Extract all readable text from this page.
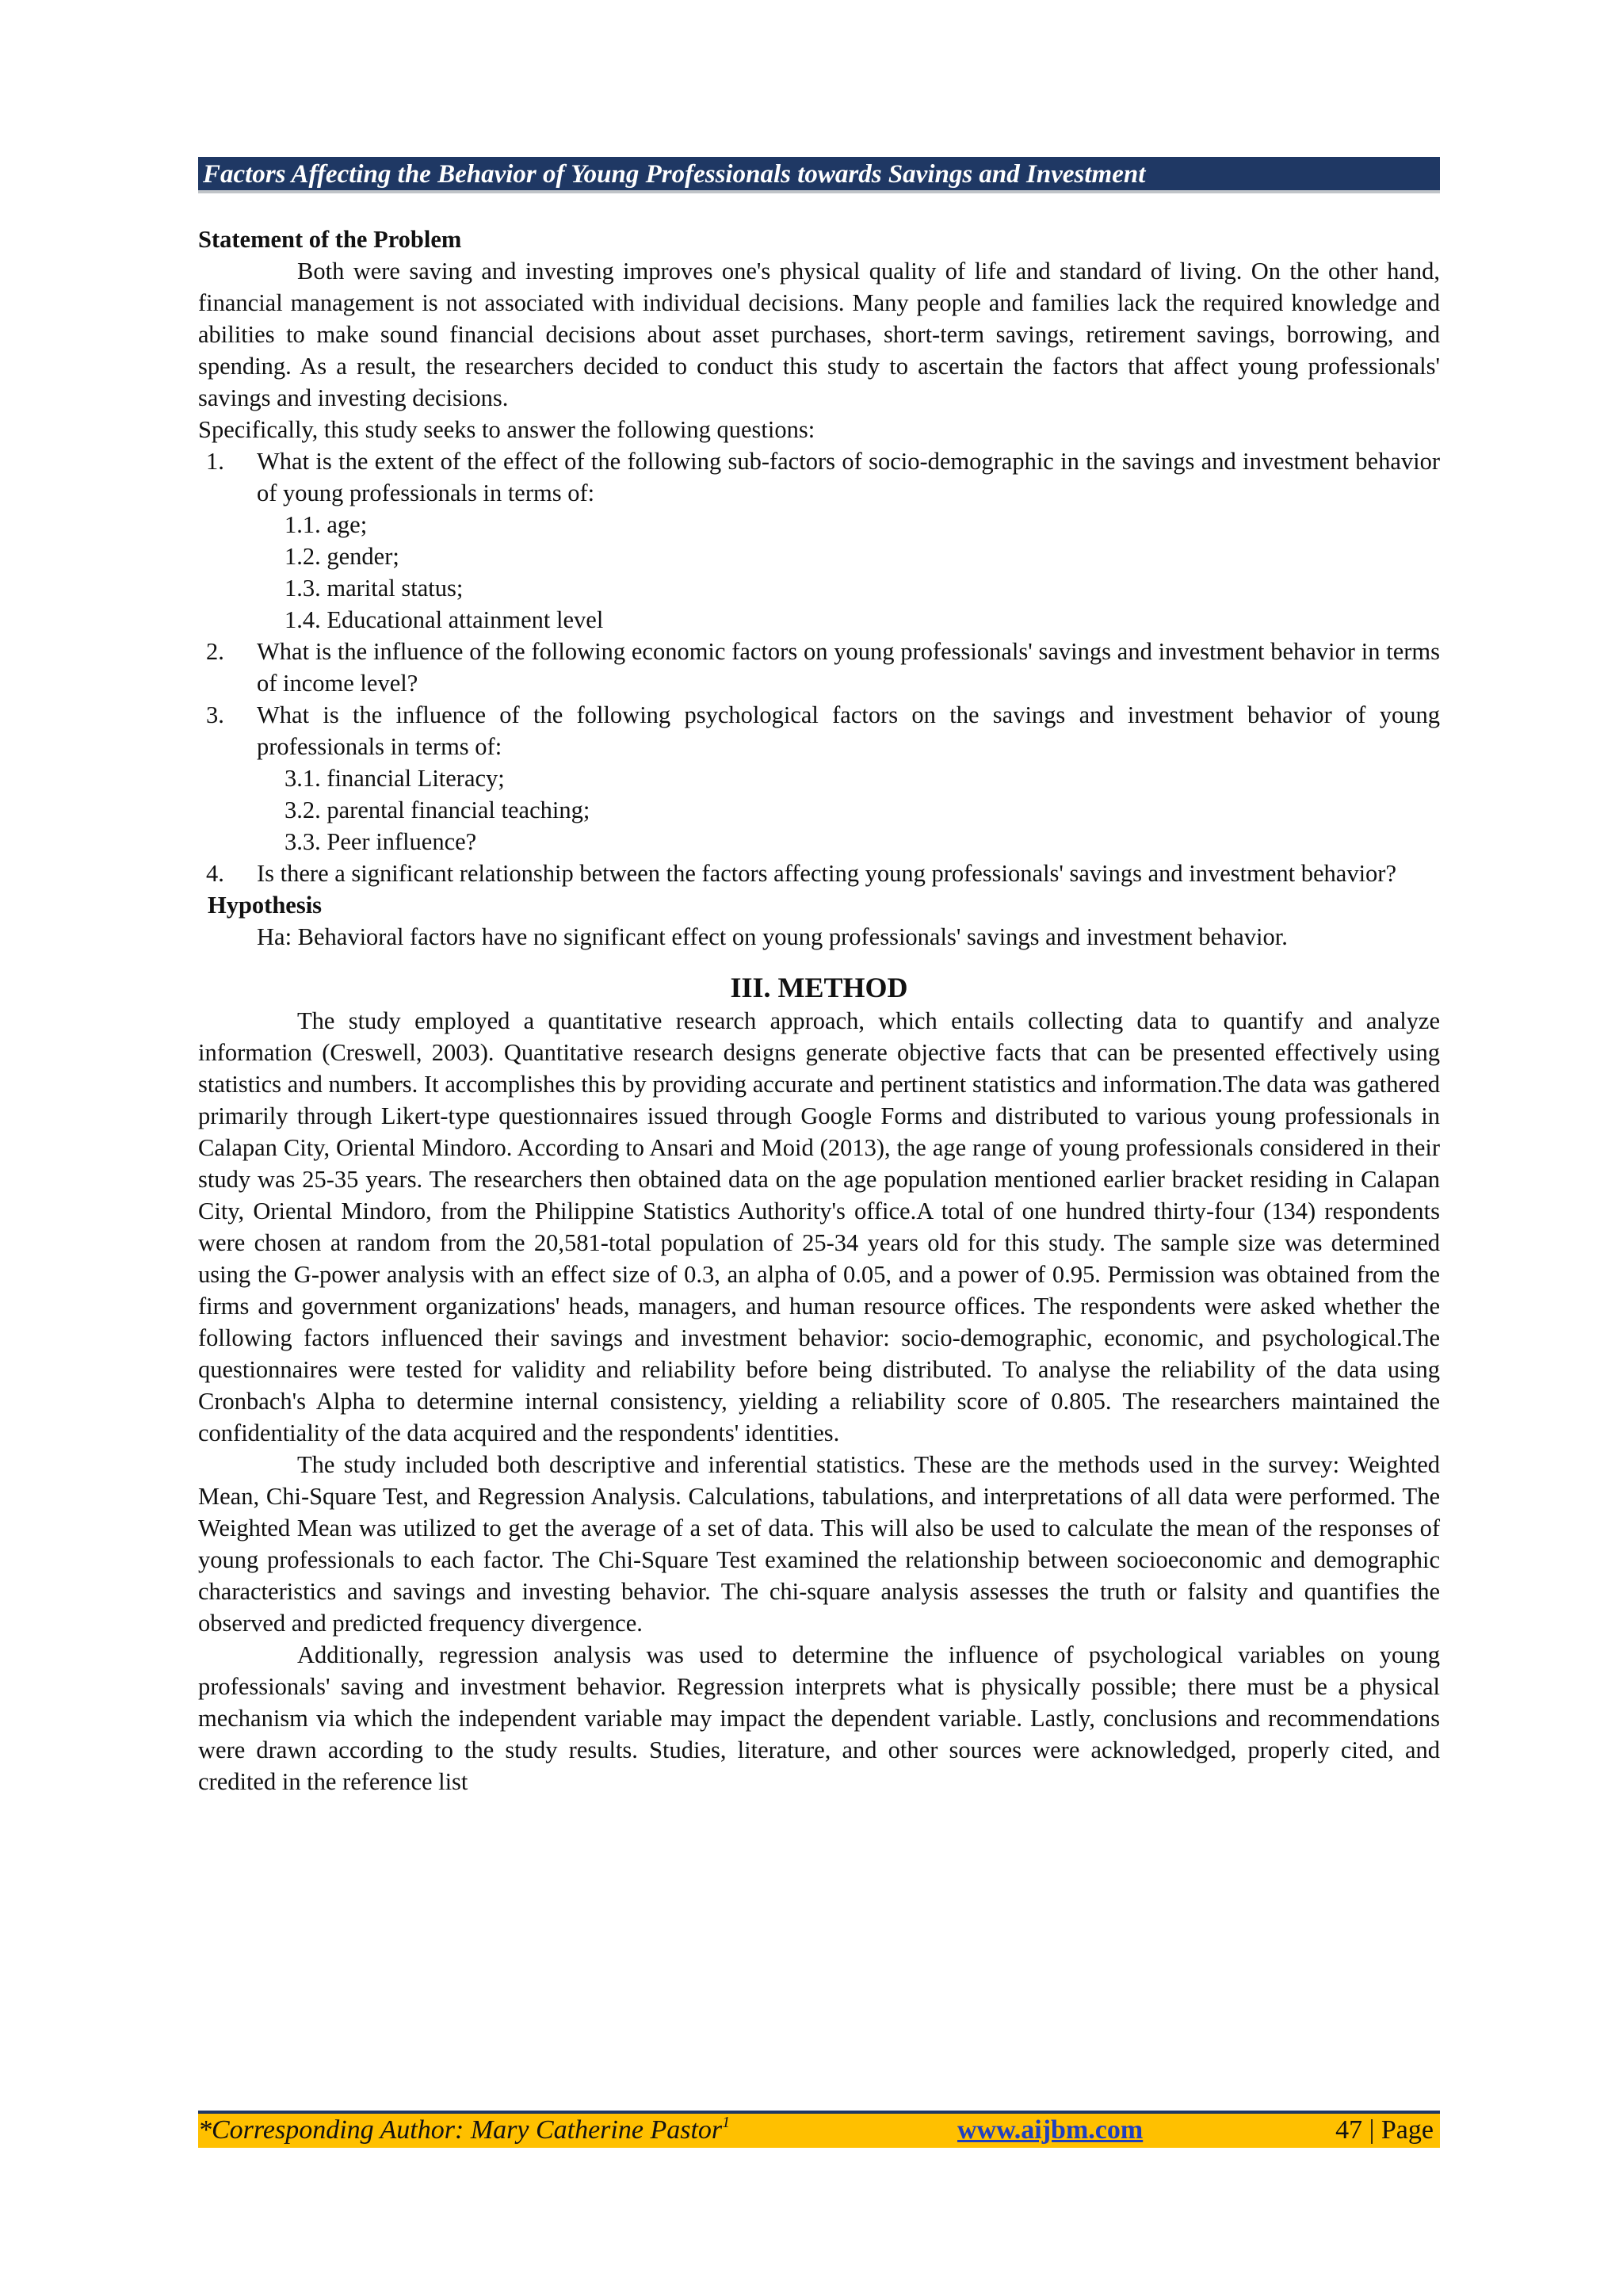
Factors Affecting the Behavior of Young Professionals towards Savings and Investment
Statement of the Problem

Both were saving and investing improves one's physical quality of life and standard of living. On the other hand, financial management is not associated with individual decisions. Many people and families lack the required knowledge and abilities to make sound financial decisions about asset purchases, short-term savings, retirement savings, borrowing, and spending. As a result, the researchers decided to conduct this study to ascertain the factors that affect young professionals' savings and investing decisions.

Specifically, this study seeks to answer the following questions:

1. What is the extent of the effect of the following sub-factors of socio-demographic in the savings and investment behavior of young professionals in terms of:
1.1. age;
1.2. gender;
1.3. marital status;
1.4. Educational attainment level
2. What is the influence of the following economic factors on young professionals' savings and investment behavior in terms of income level?
3. What is the influence of the following psychological factors on the savings and investment behavior of young professionals in terms of:
3.1. financial Literacy;
3.2. parental financial teaching;
3.3. Peer influence?
4. Is there a significant relationship between the factors affecting young professionals' savings and investment behavior?
Hypothesis
Ha: Behavioral factors have no significant effect on young professionals' savings and investment behavior.
III. METHOD

The study employed a quantitative research approach, which entails collecting data to quantify and analyze information (Creswell, 2003). Quantitative research designs generate objective facts that can be presented effectively using statistics and numbers. It accomplishes this by providing accurate and pertinent statistics and information.The data was gathered primarily through Likert-type questionnaires issued through Google Forms and distributed to various young professionals in Calapan City, Oriental Mindoro. According to Ansari and Moid (2013), the age range of young professionals considered in their study was 25-35 years. The researchers then obtained data on the age population mentioned earlier bracket residing in Calapan City, Oriental Mindoro, from the Philippine Statistics Authority's office.A total of one hundred thirty-four (134) respondents were chosen at random from the 20,581-total population of 25-34 years old for this study. The sample size was determined using the G-power analysis with an effect size of 0.3, an alpha of 0.05, and a power of 0.95. Permission was obtained from the firms and government organizations' heads, managers, and human resource offices. The respondents were asked whether the following factors influenced their savings and investment behavior: socio-demographic, economic, and psychological.The questionnaires were tested for validity and reliability before being distributed. To analyse the reliability of the data using Cronbach's Alpha to determine internal consistency, yielding a reliability score of 0.805. The researchers maintained the confidentiality of the data acquired and the respondents' identities.

The study included both descriptive and inferential statistics. These are the methods used in the survey: Weighted Mean, Chi-Square Test, and Regression Analysis. Calculations, tabulations, and interpretations of all data were performed. The Weighted Mean was utilized to get the average of a set of data. This will also be used to calculate the mean of the responses of young professionals to each factor. The Chi-Square Test examined the relationship between socioeconomic and demographic characteristics and savings and investing behavior. The chi-square analysis assesses the truth or falsity and quantifies the observed and predicted frequency divergence.

Additionally, regression analysis was used to determine the influence of psychological variables on young professionals' saving and investment behavior. Regression interprets what is physically possible; there must be a physical mechanism via which the independent variable may impact the dependent variable. Lastly, conclusions and recommendations were drawn according to the study results. Studies, literature, and other sources were acknowledged, properly cited, and credited in the reference list

*Corresponding Author: Mary Catherine Pastor$^1$	www.aijbm.com	47 | Page
